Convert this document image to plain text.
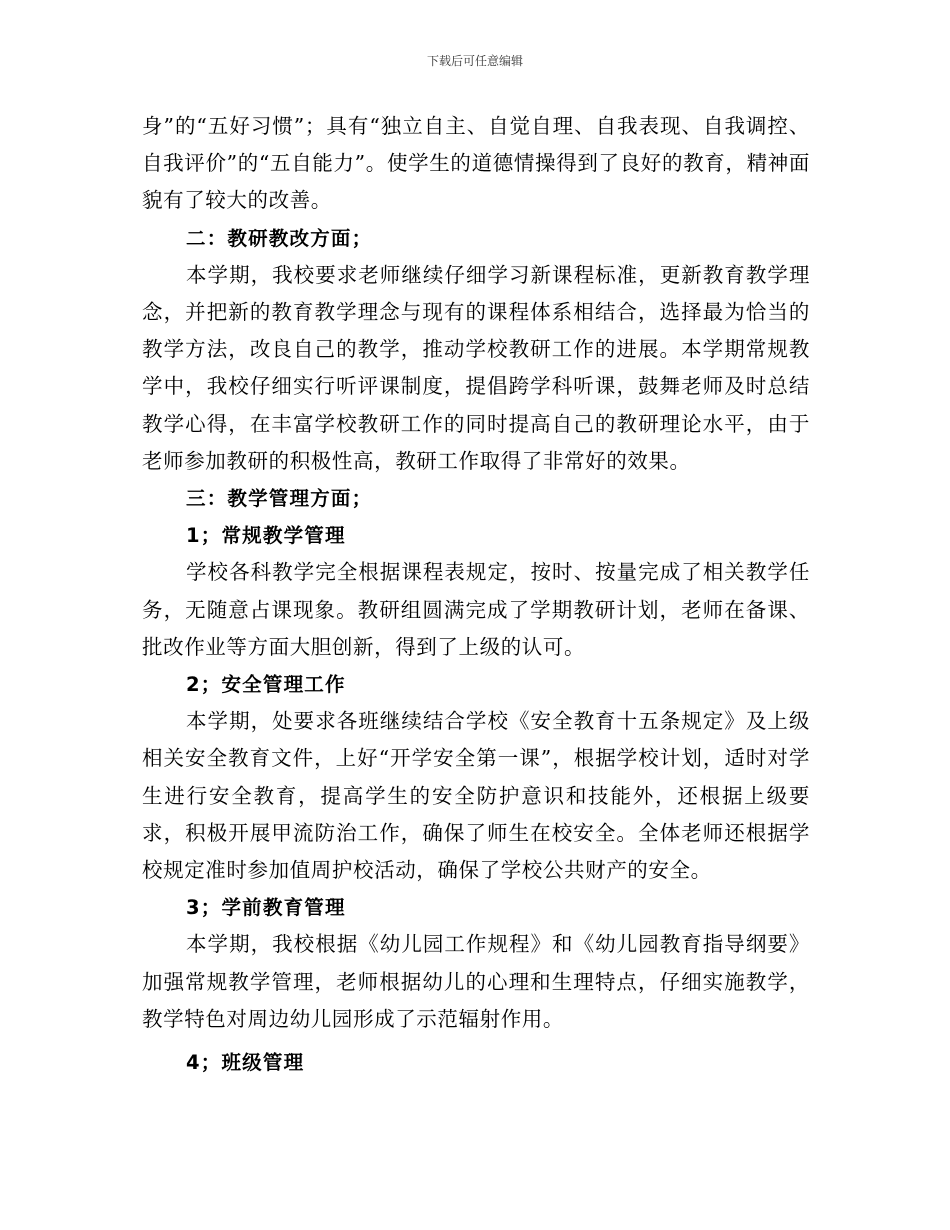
下载后可任意编辑

身”的“五好习惯”；具有“独立自主、自觉自理、自我表现、自我调控、自我评价”的“五自能力”。使学生的道德情操得到了良好的教育，精神面貌有了较大的改善。

二：教研教改方面；

本学期，我校要求老师继续仔细学习新课程标准，更新教育教学理念，并把新的教育教学理念与现有的课程体系相结合，选择最为恰当的教学方法，改良自己的教学，推动学校教研工作的进展。本学期常规教学中，我校仔细实行听评课制度，提倡跨学科听课，鼓舞老师及时总结教学心得，在丰富学校教研工作的同时提高自己的教研理论水平，由于老师参加教研的积极性高，教研工作取得了非常好的效果。

三：教学管理方面；

1；常规教学管理

学校各科教学完全根据课程表规定，按时、按量完成了相关教学任务，无随意占课现象。教研组圆满完成了学期教研计划，老师在备课、批改作业等方面大胆创新，得到了上级的认可。

2；安全管理工作

本学期，处要求各班继续结合学校《安全教育十五条规定》及上级相关安全教育文件，上好“开学安全第一课”，根据学校计划，适时对学生进行安全教育，提高学生的安全防护意识和技能外，还根据上级要求，积极开展甲流防治工作，确保了师生在校安全。全体老师还根据学校规定准时参加值周护校活动，确保了学校公共财产的安全。

3；学前教育管理

本学期，我校根据《幼儿园工作规程》和《幼儿园教育指导纲要》加强常规教学管理，老师根据幼儿的心理和生理特点，仔细实施教学，教学特色对周边幼儿园形成了示范辐射作用。

4；班级管理
